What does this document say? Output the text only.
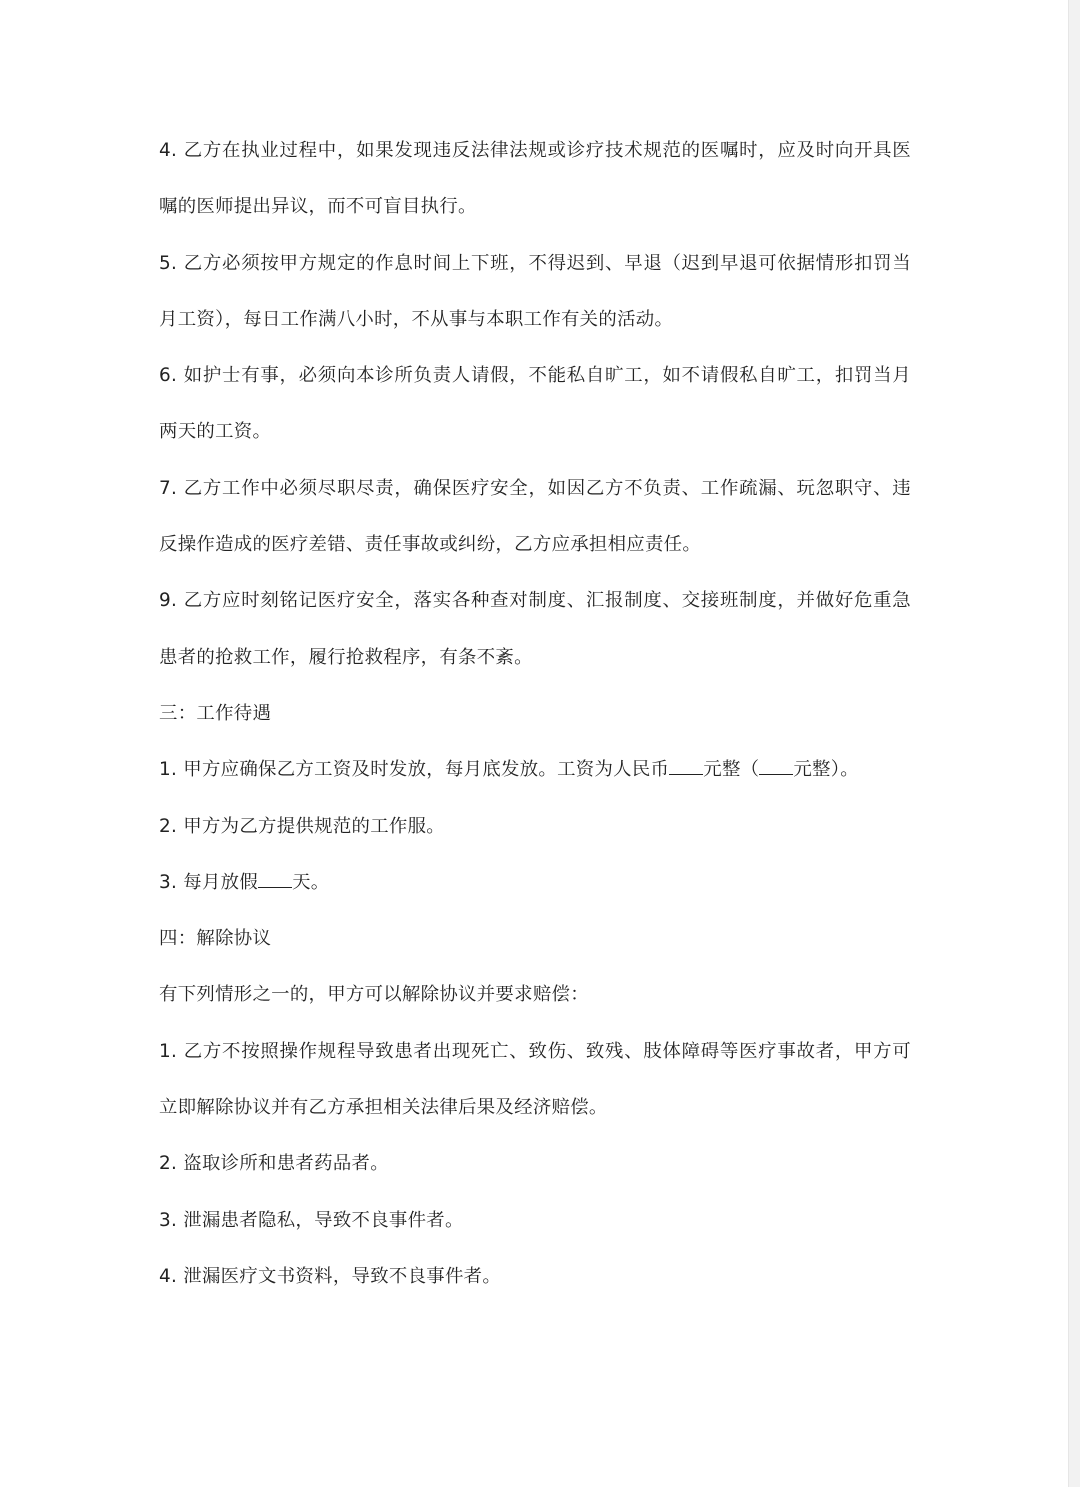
4. 乙方在执业过程中，如果发现违反法律法规或诊疗技术规范的医嘱时，应及时向开具医嘱的医师提出异议，而不可盲目执行。

5. 乙方必须按甲方规定的作息时间上下班，不得迟到、早退（迟到早退可依据情形扣罚当月工资），每日工作满八小时，不从事与本职工作有关的活动。

6. 如护士有事，必须向本诊所负责人请假，不能私自旷工，如不请假私自旷工，扣罚当月两天的工资。

7. 乙方工作中必须尽职尽责，确保医疗安全，如因乙方不负责、工作疏漏、玩忽职守、违反操作造成的医疗差错、责任事故或纠纷，乙方应承担相应责任。

9. 乙方应时刻铭记医疗安全，落实各种查对制度、汇报制度、交接班制度，并做好危重急患者的抢救工作，履行抢救程序，有条不紊。

三：工作待遇

1. 甲方应确保乙方工资及时发放，每月底发放。工资为人民币 元整（ 元整）。

2. 甲方为乙方提供规范的工作服。

3. 每月放假 天。

四：解除协议

有下列情形之一的，甲方可以解除协议并要求赔偿：

1. 乙方不按照操作规程导致患者出现死亡、致伤、致残、肢体障碍等医疗事故者，甲方可立即解除协议并有乙方承担相关法律后果及经济赔偿。

2. 盗取诊所和患者药品者。

3. 泄漏患者隐私，导致不良事件者。

4. 泄漏医疗文书资料，导致不良事件者。
